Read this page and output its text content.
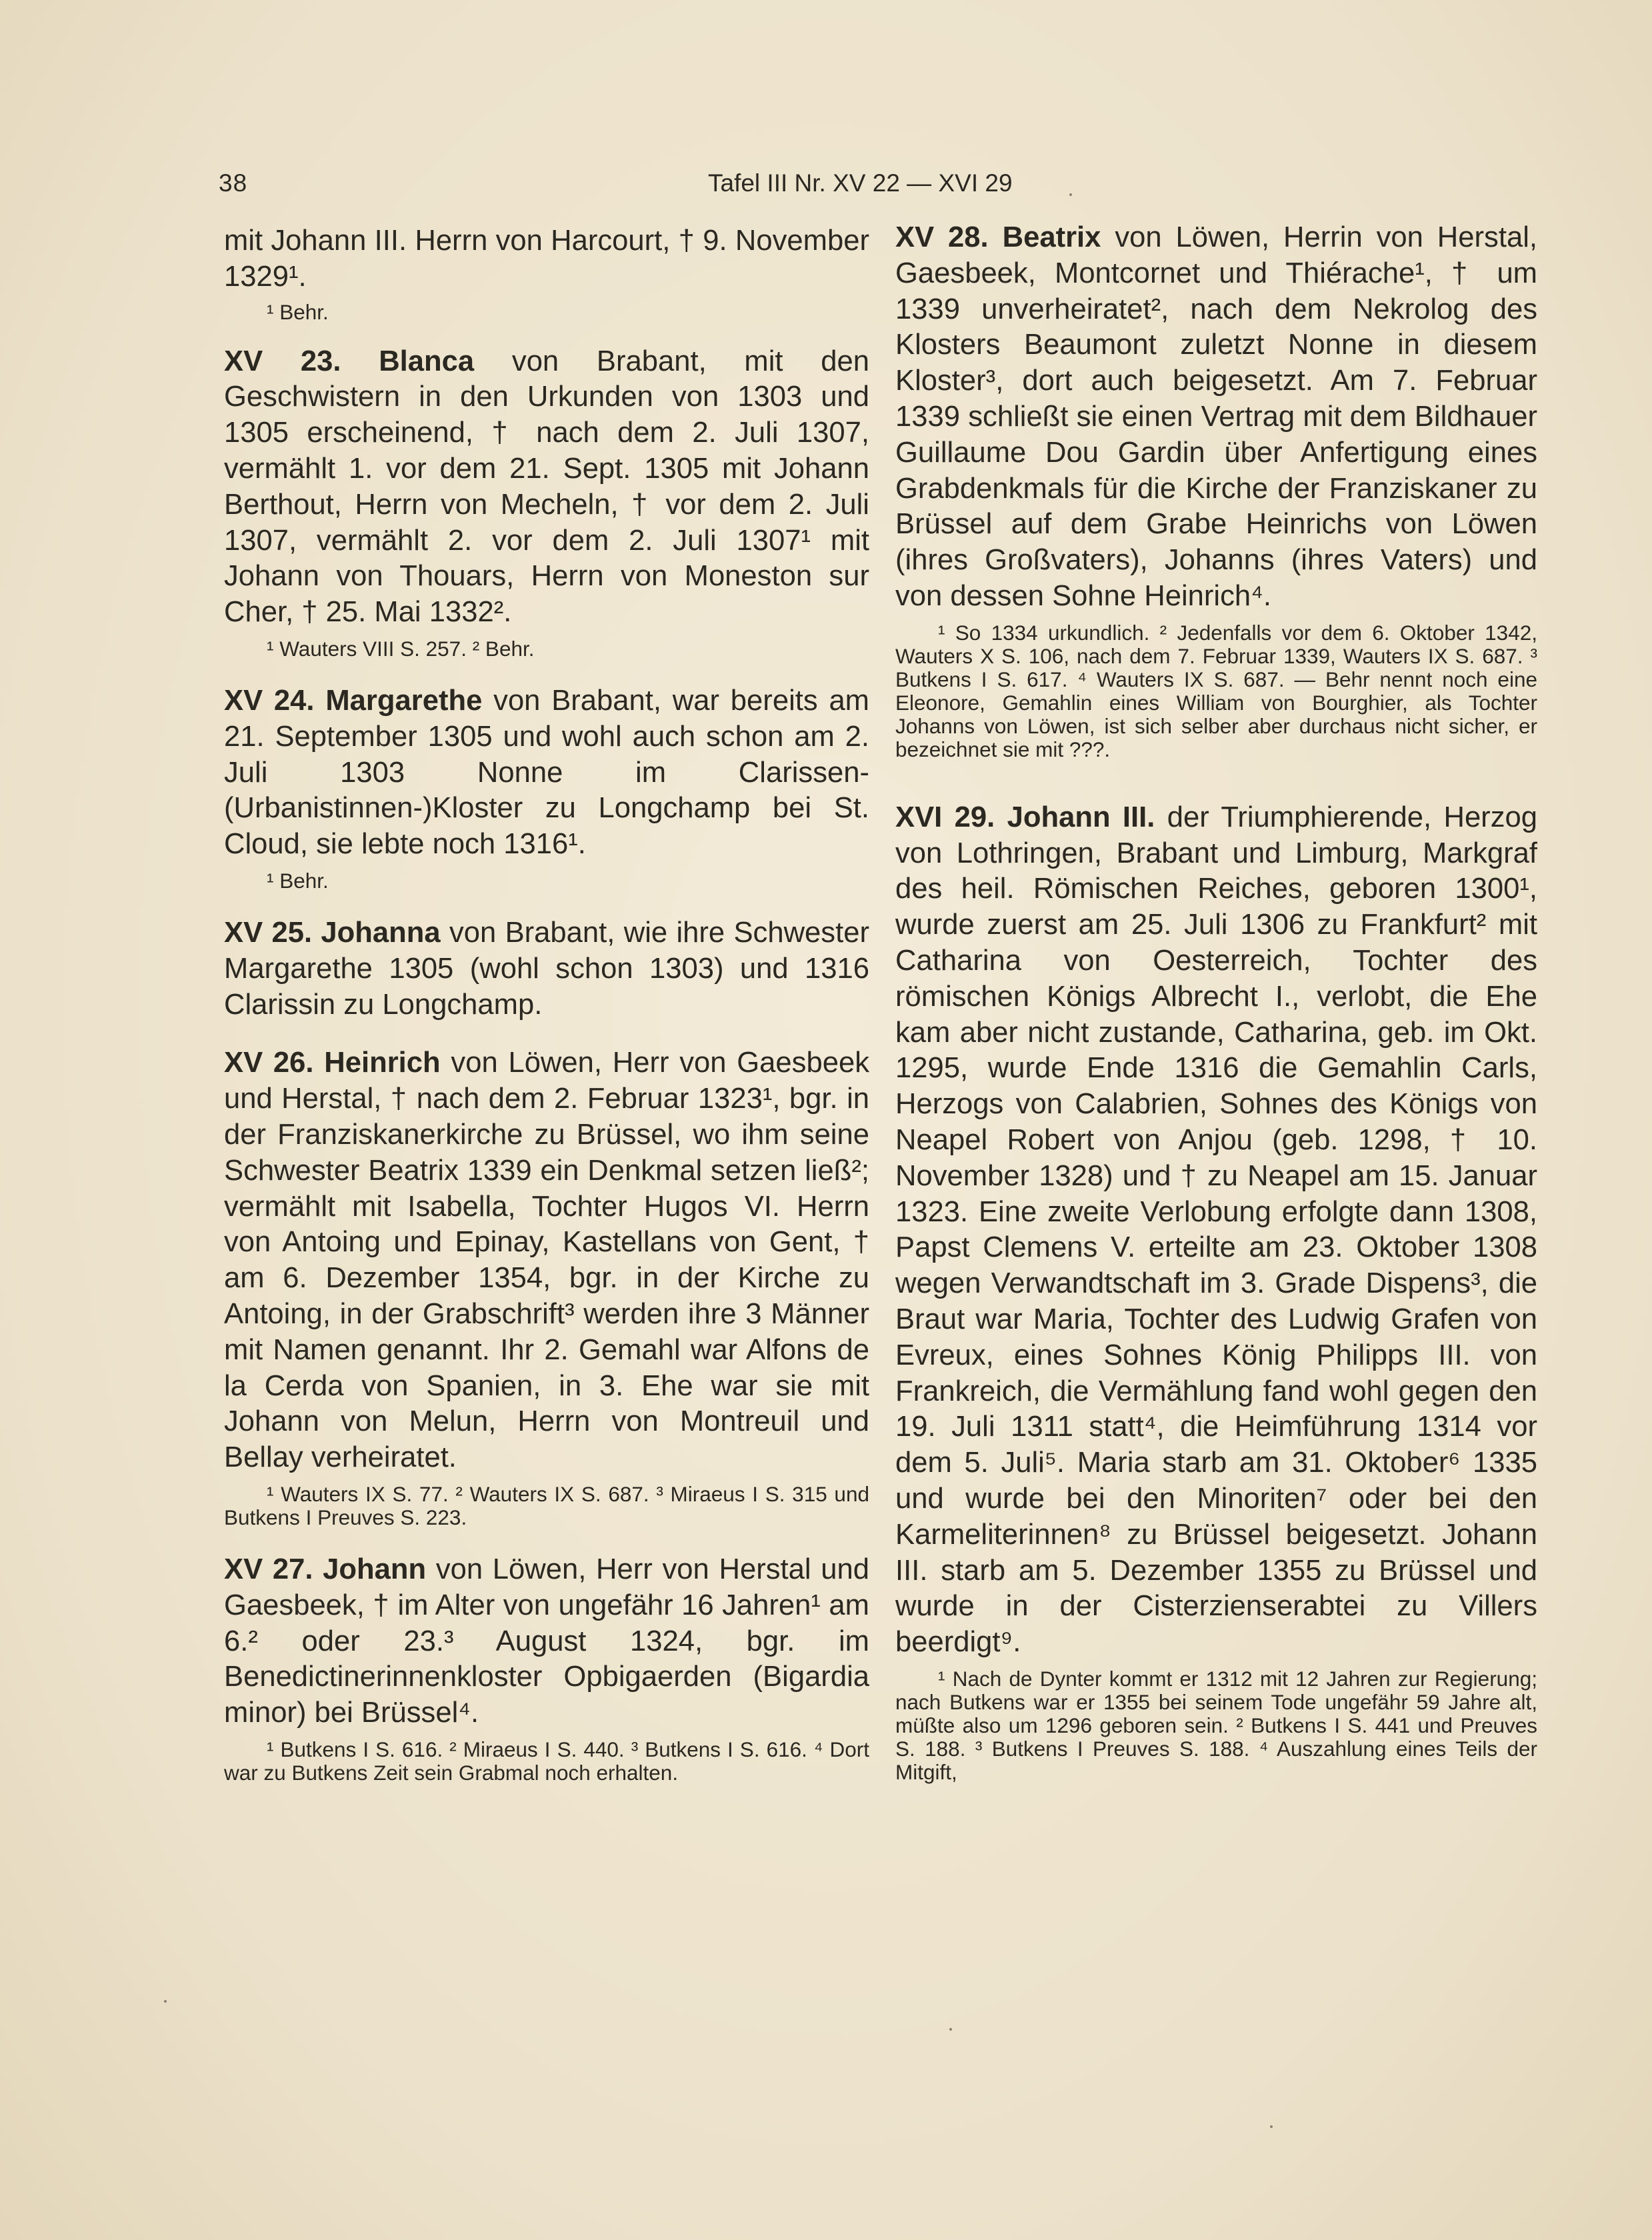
38	Tafel III Nr. XV 22 — XVI 29

mit Johann III. Herrn von Harcourt, † 9. November 1329¹.

¹ Behr.

XV 23. Blanca von Brabant, mit den Geschwistern in den Urkunden von 1303 und 1305 erscheinend, † nach dem 2. Juli 1307, vermählt 1. vor dem 21. Sept. 1305 mit Johann Berthout, Herrn von Mecheln, † vor dem 2. Juli 1307, vermählt 2. vor dem 2. Juli 1307¹ mit Johann von Thouars, Herrn von Moneston sur Cher, † 25. Mai 1332².

¹ Wauters VIII S. 257. ² Behr.

XV 24. Margarethe von Brabant, war bereits am 21. September 1305 und wohl auch schon am 2. Juli 1303 Nonne im Clarissen-(Urbanistinnen-)Kloster zu Longchamp bei St. Cloud, sie lebte noch 1316¹.

¹ Behr.

XV 25. Johanna von Brabant, wie ihre Schwester Margarethe 1305 (wohl schon 1303) und 1316 Clarissin zu Longchamp.

XV 26. Heinrich von Löwen, Herr von Gaesbeek und Herstal, † nach dem 2. Februar 1323¹, bgr. in der Franziskanerkirche zu Brüssel, wo ihm seine Schwester Beatrix 1339 ein Denkmal setzen ließ²; vermählt mit Isabella, Tochter Hugos VI. Herrn von Antoing und Epinay, Kastellans von Gent, † am 6. Dezember 1354, bgr. in der Kirche zu Antoing, in der Grabschrift³ werden ihre 3 Männer mit Namen genannt. Ihr 2. Gemahl war Alfons de la Cerda von Spanien, in 3. Ehe war sie mit Johann von Melun, Herrn von Montreuil und Bellay verheiratet.

¹ Wauters IX S. 77. ² Wauters IX S. 687. ³ Miraeus I S. 315 und Butkens I Preuves S. 223.

XV 27. Johann von Löwen, Herr von Herstal und Gaesbeek, † im Alter von ungefähr 16 Jahren¹ am 6.² oder 23.³ August 1324, bgr. im Benedictinerinnenkloster Opbigaerden (Bigardia minor) bei Brüssel⁴.

¹ Butkens I S. 616. ² Miraeus I S. 440. ³ Butkens I S. 616. ⁴ Dort war zu Butkens Zeit sein Grabmal noch erhalten.

XV 28. Beatrix von Löwen, Herrin von Herstal, Gaesbeek, Montcornet und Thiérache¹, † um 1339 unverheiratet², nach dem Nekrolog des Klosters Beaumont zuletzt Nonne in diesem Kloster³, dort auch beigesetzt. Am 7. Februar 1339 schließt sie einen Vertrag mit dem Bildhauer Guillaume Dou Gardin über Anfertigung eines Grabdenkmals für die Kirche der Franziskaner zu Brüssel auf dem Grabe Heinrichs von Löwen (ihres Großvaters), Johanns (ihres Vaters) und von dessen Sohne Heinrich⁴.

¹ So 1334 urkundlich. ² Jedenfalls vor dem 6. Oktober 1342, Wauters X S. 106, nach dem 7. Februar 1339, Wauters IX S. 687. ³ Butkens I S. 617. ⁴ Wauters IX S. 687. — Behr nennt noch eine Eleonore, Gemahlin eines William von Bourghier, als Tochter Johanns von Löwen, ist sich selber aber durchaus nicht sicher, er bezeichnet sie mit ???.

XVI 29. Johann III. der Triumphierende, Herzog von Lothringen, Brabant und Limburg, Markgraf des heil. Römischen Reiches, geboren 1300¹, wurde zuerst am 25. Juli 1306 zu Frankfurt² mit Catharina von Oesterreich, Tochter des römischen Königs Albrecht I., verlobt, die Ehe kam aber nicht zustande, Catharina, geb. im Okt. 1295, wurde Ende 1316 die Gemahlin Carls, Herzogs von Calabrien, Sohnes des Königs von Neapel Robert von Anjou (geb. 1298, † 10. November 1328) und † zu Neapel am 15. Januar 1323. Eine zweite Verlobung erfolgte dann 1308, Papst Clemens V. erteilte am 23. Oktober 1308 wegen Verwandtschaft im 3. Grade Dispens³, die Braut war Maria, Tochter des Ludwig Grafen von Evreux, eines Sohnes König Philipps III. von Frankreich, die Vermählung fand wohl gegen den 19. Juli 1311 statt⁴, die Heimführung 1314 vor dem 5. Juli⁵. Maria starb am 31. Oktober⁶ 1335 und wurde bei den Minoriten⁷ oder bei den Karmeliterinnen⁸ zu Brüssel beigesetzt. Johann III. starb am 5. Dezember 1355 zu Brüssel und wurde in der Cisterzienserabtei zu Villers beerdigt⁹.

¹ Nach de Dynter kommt er 1312 mit 12 Jahren zur Regierung; nach Butkens war er 1355 bei seinem Tode ungefähr 59 Jahre alt, müßte also um 1296 geboren sein. ² Butkens I S. 441 und Preuves S. 188. ³ Butkens I Preuves S. 188. ⁴ Auszahlung eines Teils der Mitgift,
